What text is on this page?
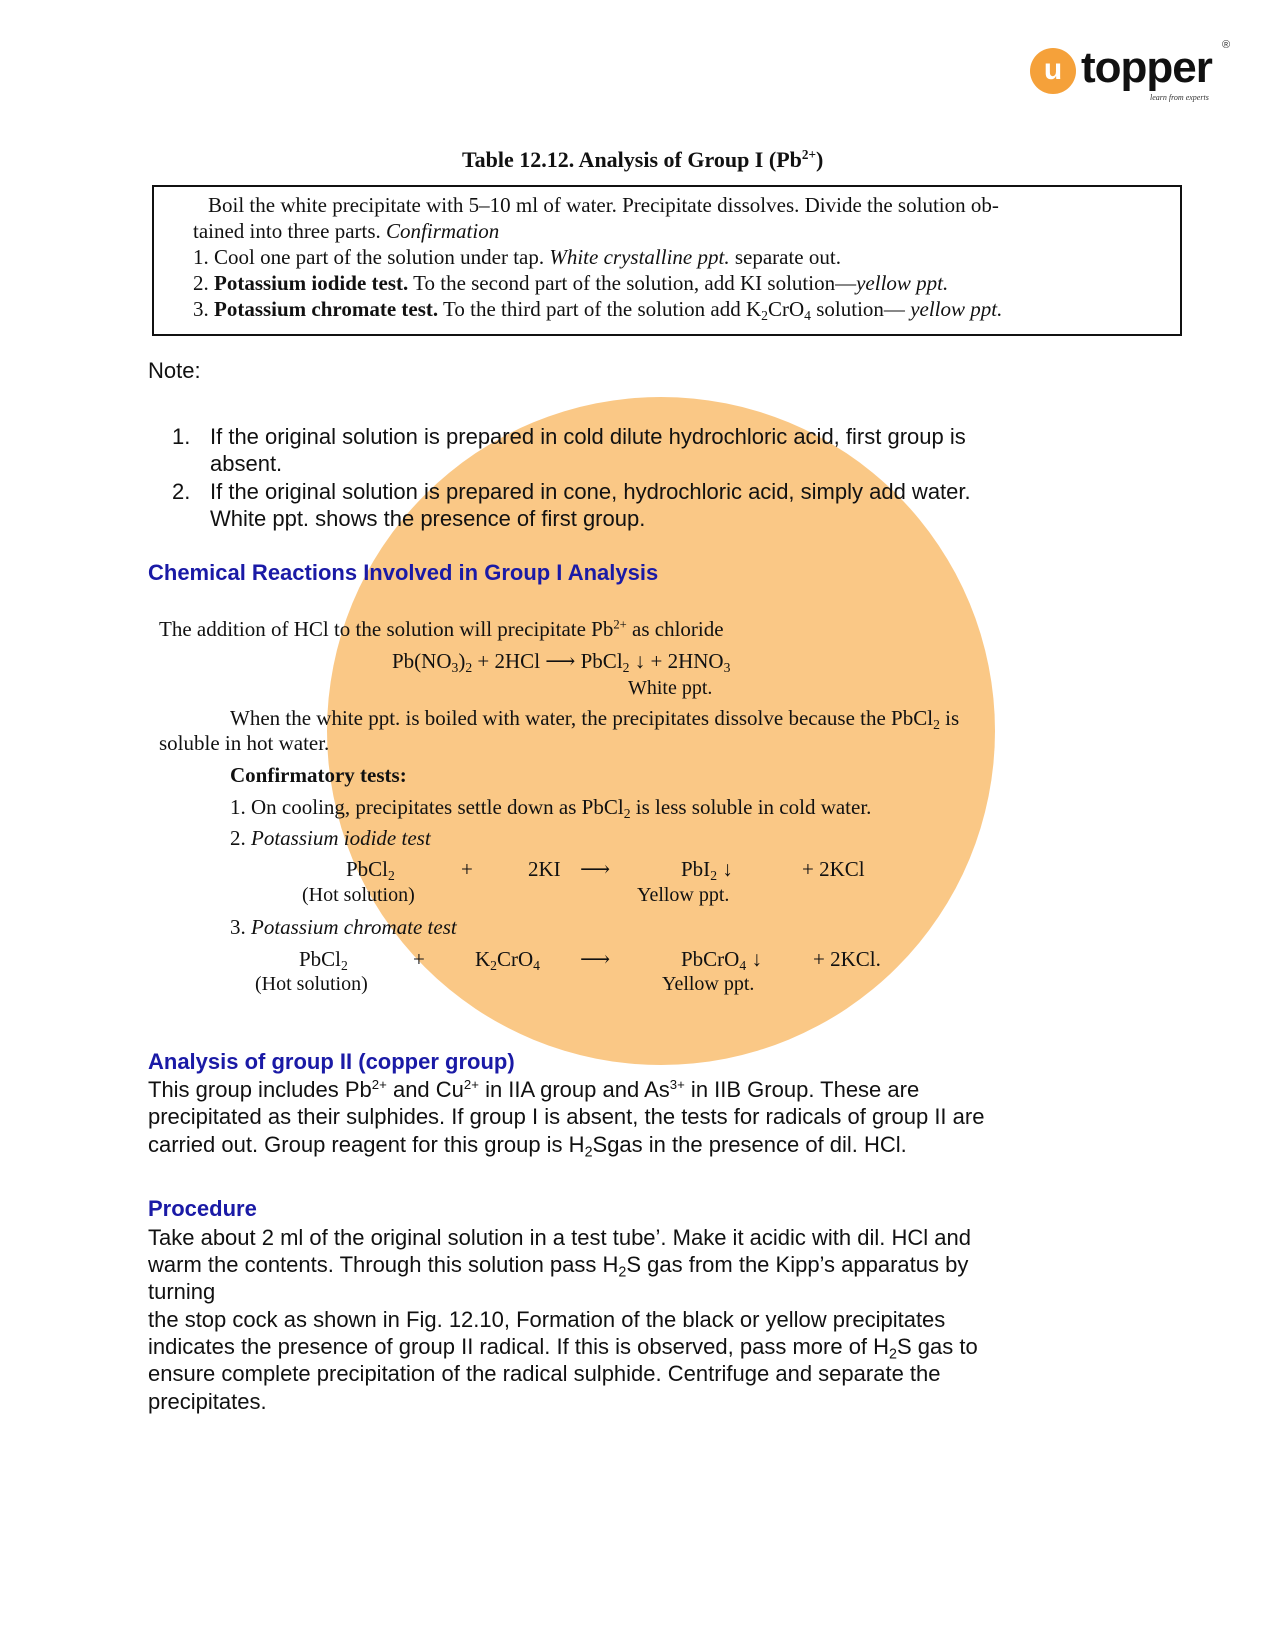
u topper
learn from experts
®
Table 12.12. Analysis of Group I $(Pb^{2+})$
Boil the white precipitate with 5–10 ml of water. Precipitate dissolves. Divide the solution ob-
tained into three parts. Confirmation
1. Cool one part of the solution under tap. White crystalline ppt. separate out.
2. Potassium iodide test. To the second part of the solution, add KI solution—yellow ppt.
3. Potassium chromate test. To the third part of the solution add $K_2CrO_4$ solution— yellow ppt.
Note:
1. If the original solution is prepared in cold dilute hydrochloric acid, first group is
absent.
2. If the original solution is prepared in cone, hydrochloric acid, simply add water.
White ppt. shows the presence of first group.
Chemical Reactions Involved in Group I Analysis
The addition of HCl to the solution will precipitate $Pb^{2+}$ as chloride
$Pb(NO_3)_2 + 2HCl$ ⟶ PbCl$_2$ ↓ + $2HNO_3$
White ppt.
When the white ppt. is boiled with water, the precipitates dissolve because the PbCl$_2$ is
soluble in hot water.
Confirmatory tests:
1. On cooling, precipitates settle down as PbCl$_2$ is less soluble in cold water.
2. Potassium iodide test
PbCl$_2$	+	2KI ⟶	PbI$_2$ ↓	+ 2KCl
(Hot solution)	Yellow ppt.
3. Potassium chromate test
PbCl$_2$	+ $K_2CrO_4$ ⟶	PbCrO$_4$ ↓ + 2KCl.
(Hot solution)	Yellow ppt.
Analysis of group II (copper group)
This group includes $Pb^{2+}$ and $Cu^{2+}$ in IIA group and $As^{3+}$ in IIB Group. These are
precipitated as their sulphides. If group I is absent, the tests for radicals of group II are
carried out. Group reagent for this group is $H_2Sgas$ in the presence of dil. HCl.
Procedure
Take about 2 ml of the original solution in a test tube’. Make it acidic with dil. HCl and
warm the contents. Through this solution pass $H_2S$ gas from the Kipp’s apparatus by
turning
the stop cock as shown in Fig. 12.10, Formation of the black or yellow precipitates
indicates the presence of group II radical. If this is observed, pass more of $H_2S$ gas to
ensure complete precipitation of the radical sulphide. Centrifuge and separate the
precipitates.
